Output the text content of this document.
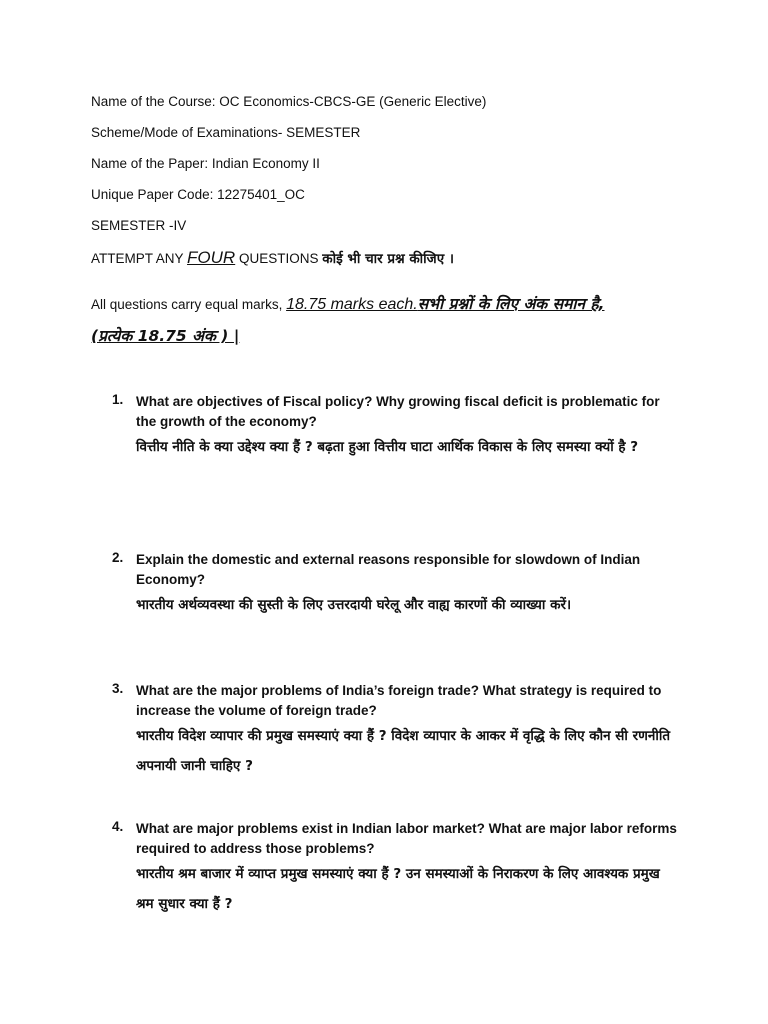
Name of the Course: OC Economics-CBCS-GE (Generic Elective)
Scheme/Mode of Examinations- SEMESTER
Name of the Paper: Indian Economy II
Unique Paper Code: 12275401_OC
SEMESTER -IV
ATTEMPT ANY FOUR QUESTIONS कोई भी चार प्रश्न कीजिए ।
All questions carry equal marks, 18.75 marks each.सभी प्रश्नों के लिए अंक समान है,
(प्रत्येक 18.75 अंक ) |
1. What are objectives of Fiscal policy? Why growing fiscal deficit is problematic for the growth of the economy?
वित्तीय नीति के क्या उद्देश्य क्या हैं ? बढ़ता हुआ वित्तीय घाटा आर्थिक विकास के लिए समस्या क्यों है ?
2. Explain the domestic and external reasons responsible for slowdown of Indian Economy?
भारतीय अर्थव्यवस्था की सुस्ती के लिए उत्तरदायी घरेलू और वाह्य कारणों की व्याख्या करें।
3. What are the major problems of India’s foreign trade? What strategy is required to increase the volume of foreign trade?
भारतीय विदेश व्यापार की प्रमुख समस्याएं क्या हैं ? विदेश व्यापार के आकर में वृद्धि के लिए कौन सी रणनीति अपनायी जानी चाहिए ?
4. What are major problems exist in Indian labor market? What are major labor reforms required to address those problems?
भारतीय श्रम बाजार में व्याप्त प्रमुख समस्याएं क्या हैं ? उन समस्याओं के निराकरण के लिए आवश्यक प्रमुख श्रम सुधार क्या हैं ?
